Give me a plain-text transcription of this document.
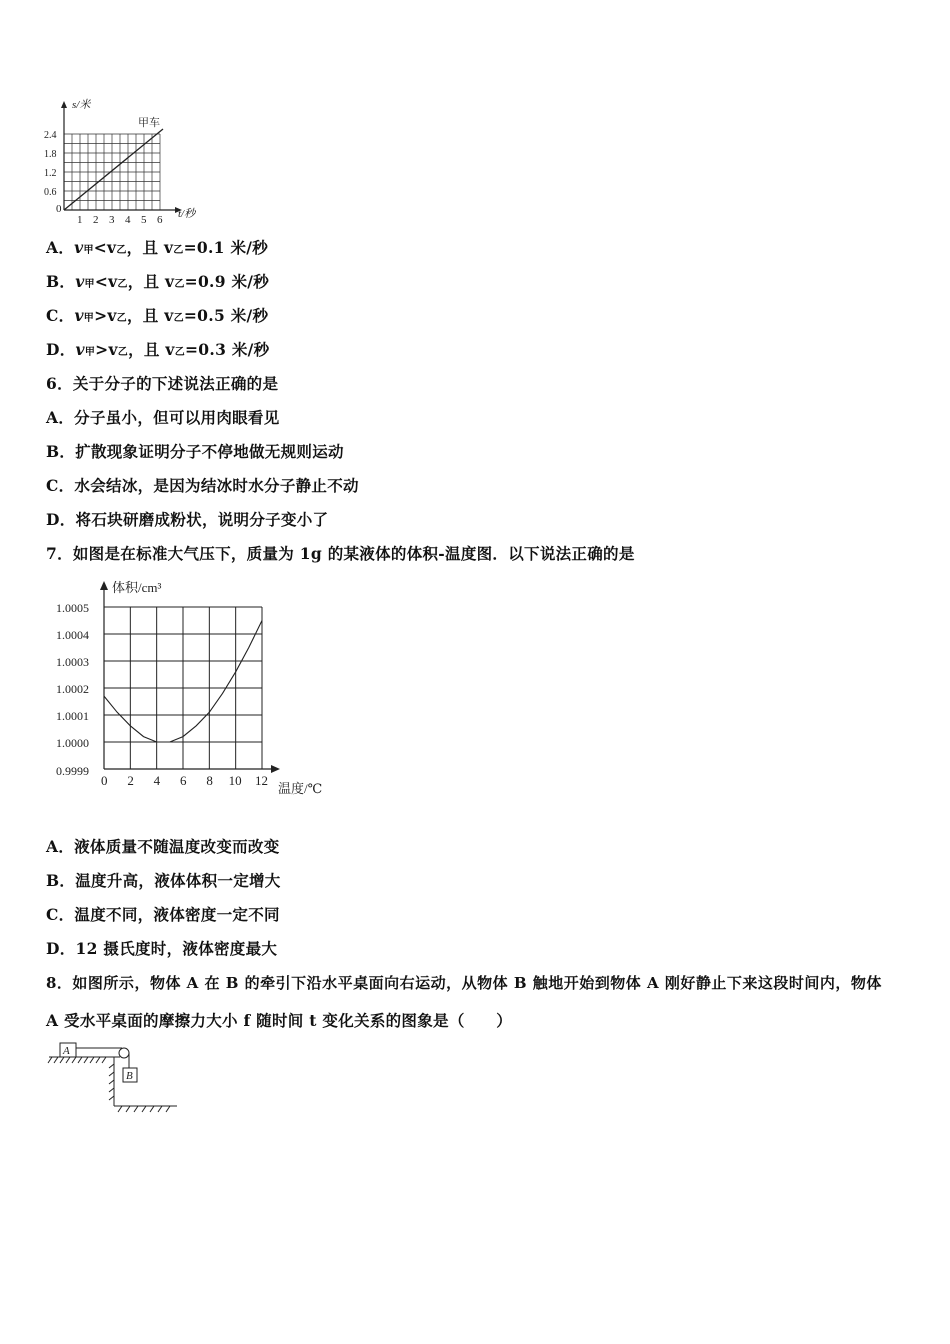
s/米
t/秒
甲车
0
1 2 3 4 5 6
0.6
1.2
1.8
2.4
A．v甲<v乙，且 v乙=0.1 米/秒
B．v甲<v乙，且 v乙=0.9 米/秒
C．v甲>v乙，且 v乙=0.5 米/秒
D．v甲>v乙，且 v乙=0.3 米/秒
6．关于分子的下述说法正确的是
A．分子虽小，但可以用肉眼看见
B．扩散现象证明分子不停地做无规则运动
C．水会结冰，是因为结冰时水分子静止不动
D．将石块研磨成粉状，说明分子变小了
7．如图是在标准大气压下，质量为 1g 的某液体的体积-温度图．以下说法正确的是
体积/cm³
温度/℃
0 2 4 6 8 10 12
0.9999
1.0000
1.0001
1.0002
1.0003
1.0004
1.0005
A．液体质量不随温度改变而改变
B．温度升高，液体体积一定增大
C．温度不同，液体密度一定不同
D．12 摄氏度时，液体密度最大
8．如图所示，物体 A 在 B 的牵引下沿水平桌面向右运动，从物体 B 触地开始到物体 A 刚好静止下来这段时间内，物体
A 受水平桌面的摩擦力大小 f 随时间 t 变化关系的图象是（　　）
A
B
